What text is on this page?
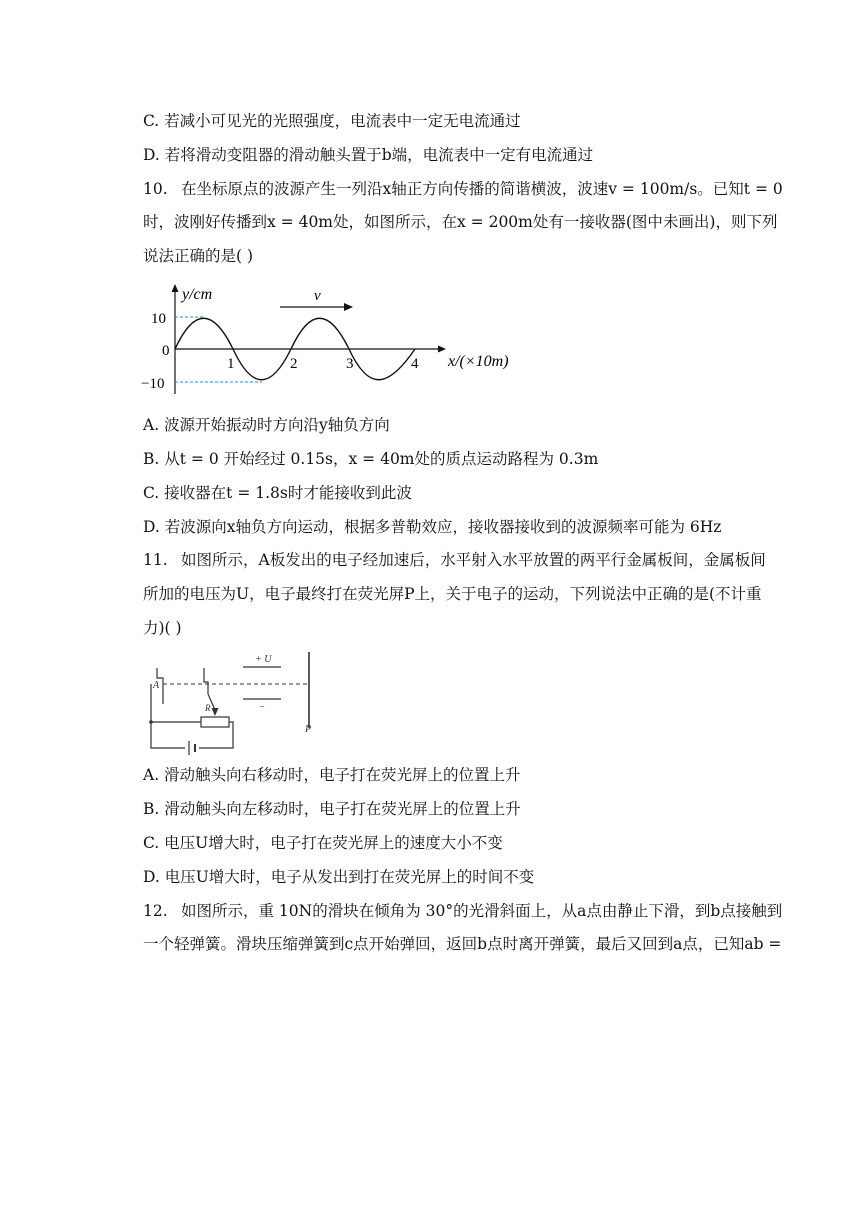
C. 若减小可见光的光照强度，电流表中一定无电流通过
D. 若将滑动变阻器的滑动触头置于b端，电流表中一定有电流通过
10. 在坐标原点的波源产生一列沿x轴正方向传播的简谐横波，波速v = 100m/s。已知t = 0
时，波刚好传播到x = 40m处，如图所示，在x = 200m处有一接收器(图中未画出)，则下列
说法正确的是( )
10
0
−10
1	2	3	4
y/cm
x/(×10m)
v
A. 波源开始振动时方向沿y轴负方向
B. 从t = 0 开始经过 0.15s，x = 40m处的质点运动路程为 0.3m
C. 接收器在t = 1.8s时才能接收到此波
D. 若波源向x轴负方向运动，根据多普勒效应，接收器接收到的波源频率可能为 6Hz
11. 如图所示，A板发出的电子经加速后，水平射入水平放置的两平行金属板间，金属板间
所加的电压为U，电子最终打在荧光屏P上，关于电子的运动，下列说法中正确的是(不计重
力)( )
A
+ U
−
P
R
A. 滑动触头向右移动时，电子打在荧光屏上的位置上升
B. 滑动触头向左移动时，电子打在荧光屏上的位置上升
C. 电压U增大时，电子打在荧光屏上的速度大小不变
D. 电压U增大时，电子从发出到打在荧光屏上的时间不变
12. 如图所示，重 10N的滑块在倾角为 30°的光滑斜面上，从a点由静止下滑，到b点接触到
一个轻弹簧。滑块压缩弹簧到c点开始弹回，返回b点时离开弹簧，最后又回到a点，已知ab =
